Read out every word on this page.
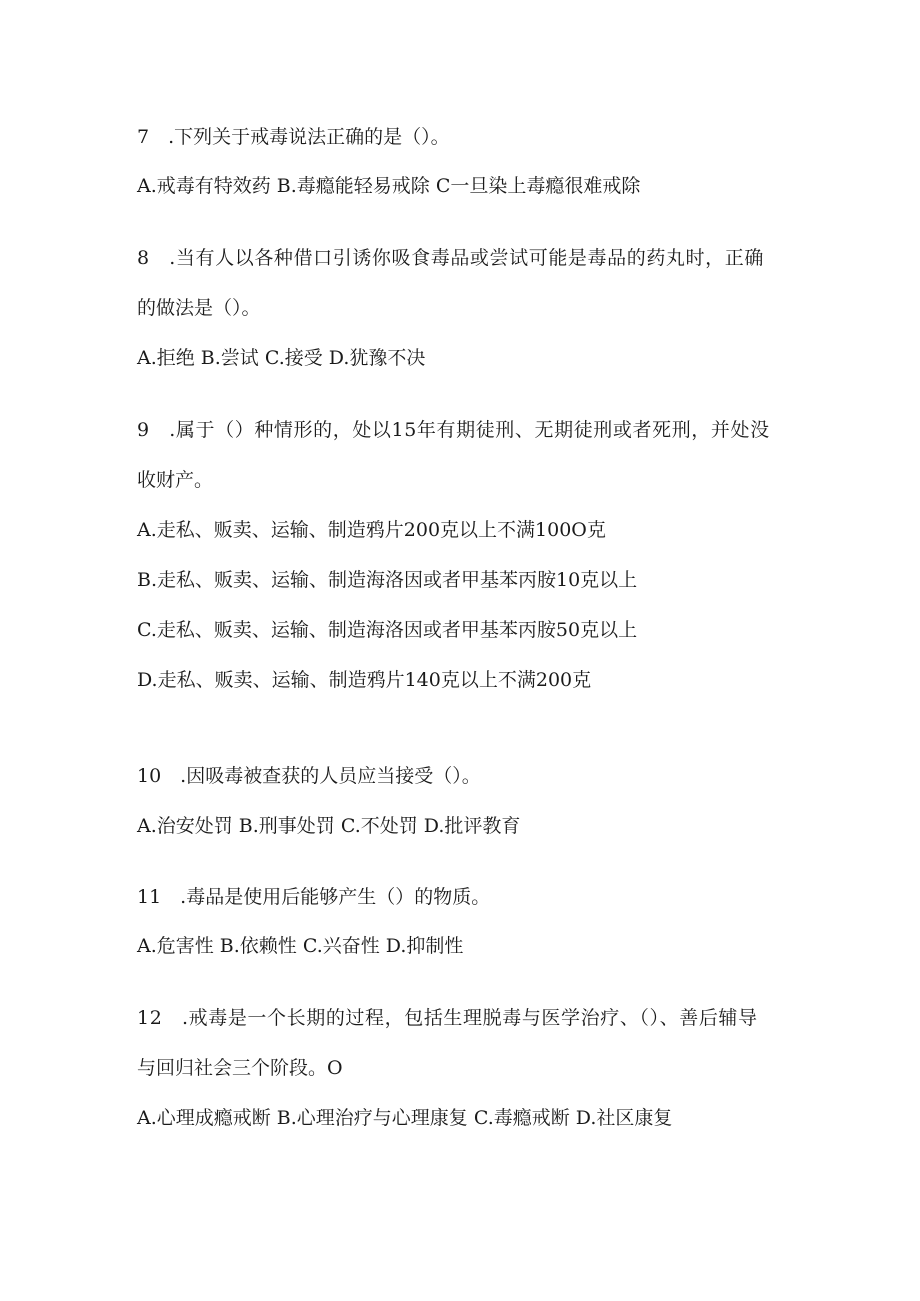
7　.下列关于戒毒说法正确的是（）。
A.戒毒有特效药 B.毒瘾能轻易戒除 C一旦染上毒瘾很难戒除
8　.当有人以各种借口引诱你吸食毒品或尝试可能是毒品的药丸时，正确
的做法是（）。
A.拒绝 B.尝试 C.接受 D.犹豫不决
9　.属于（）种情形的，处以15年有期徒刑、无期徒刑或者死刑，并处没
收财产。
A.走私、贩卖、运输、制造鸦片200克以上不满100O克
B.走私、贩卖、运输、制造海洛因或者甲基苯丙胺10克以上
C.走私、贩卖、运输、制造海洛因或者甲基苯丙胺50克以上
D.走私、贩卖、运输、制造鸦片140克以上不满200克
10　.因吸毒被查获的人员应当接受（）。
A.治安处罚 B.刑事处罚 C.不处罚 D.批评教育
11　.毒品是使用后能够产生（）的物质。
A.危害性 B.依赖性 C.兴奋性 D.抑制性
12　.戒毒是一个长期的过程，包括生理脱毒与医学治疗、（）、善后辅导
与回归社会三个阶段。O
A.心理成瘾戒断 B.心理治疗与心理康复 C.毒瘾戒断 D.社区康复
